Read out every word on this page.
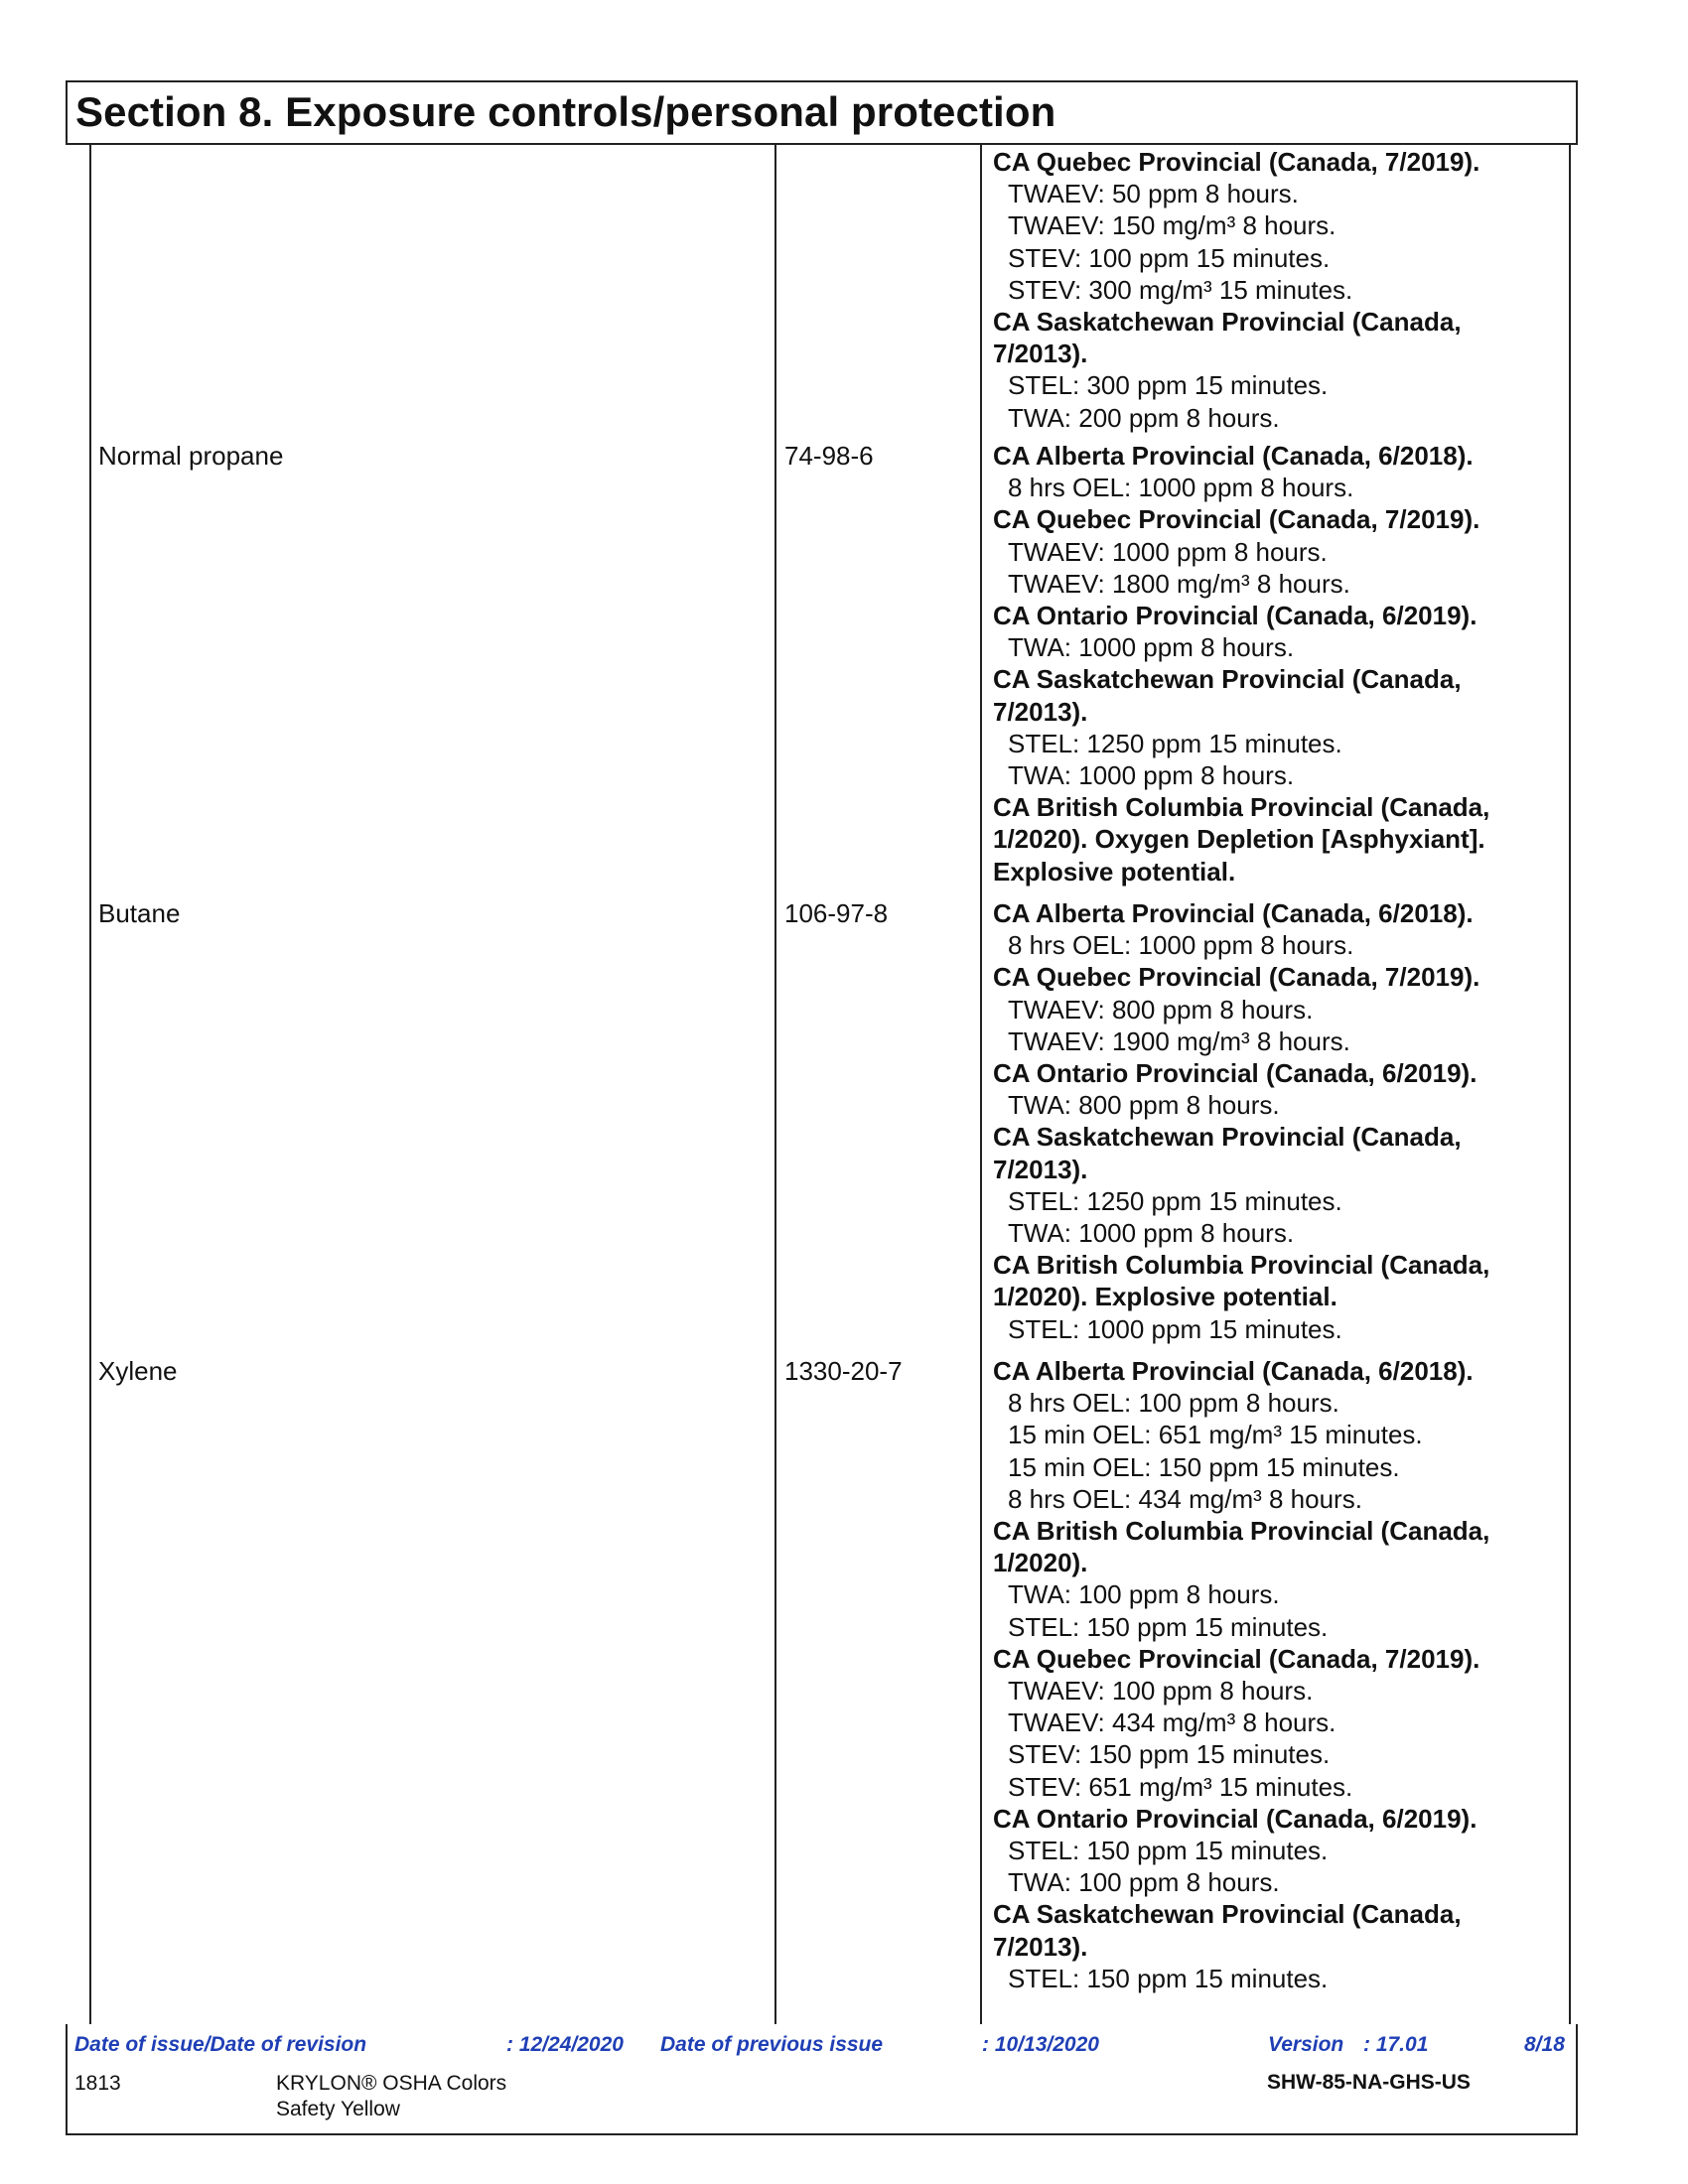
Section 8. Exposure controls/personal protection
CA Quebec Provincial (Canada, 7/2019).
TWAEV: 50 ppm 8 hours.
TWAEV: 150 mg/m³ 8 hours.
STEV: 100 ppm 15 minutes.
STEV: 300 mg/m³ 15 minutes.
CA Saskatchewan Provincial (Canada, 7/2013).
STEL: 300 ppm 15 minutes.
TWA: 200 ppm 8 hours.
Normal propane	74-98-6	CA Alberta Provincial (Canada, 6/2018).
8 hrs OEL: 1000 ppm 8 hours.
CA Quebec Provincial (Canada, 7/2019).
TWAEV: 1000 ppm 8 hours.
TWAEV: 1800 mg/m³ 8 hours.
CA Ontario Provincial (Canada, 6/2019).
TWA: 1000 ppm 8 hours.
CA Saskatchewan Provincial (Canada, 7/2013).
STEL: 1250 ppm 15 minutes.
TWA: 1000 ppm 8 hours.
CA British Columbia Provincial (Canada, 1/2020). Oxygen Depletion [Asphyxiant]. Explosive potential.
Butane	106-97-8	CA Alberta Provincial (Canada, 6/2018).
8 hrs OEL: 1000 ppm 8 hours.
CA Quebec Provincial (Canada, 7/2019).
TWAEV: 800 ppm 8 hours.
TWAEV: 1900 mg/m³ 8 hours.
CA Ontario Provincial (Canada, 6/2019).
TWA: 800 ppm 8 hours.
CA Saskatchewan Provincial (Canada, 7/2013).
STEL: 1250 ppm 15 minutes.
TWA: 1000 ppm 8 hours.
CA British Columbia Provincial (Canada, 1/2020). Explosive potential.
STEL: 1000 ppm 15 minutes.
Xylene	1330-20-7	CA Alberta Provincial (Canada, 6/2018).
8 hrs OEL: 100 ppm 8 hours.
15 min OEL: 651 mg/m³ 15 minutes.
15 min OEL: 150 ppm 15 minutes.
8 hrs OEL: 434 mg/m³ 8 hours.
CA British Columbia Provincial (Canada, 1/2020).
TWA: 100 ppm 8 hours.
STEL: 150 ppm 15 minutes.
CA Quebec Provincial (Canada, 7/2019).
TWAEV: 100 ppm 8 hours.
TWAEV: 434 mg/m³ 8 hours.
STEV: 150 ppm 15 minutes.
STEV: 651 mg/m³ 15 minutes.
CA Ontario Provincial (Canada, 6/2019).
STEL: 150 ppm 15 minutes.
TWA: 100 ppm 8 hours.
CA Saskatchewan Provincial (Canada, 7/2013).
STEL: 150 ppm 15 minutes.
Date of issue/Date of revision	: 12/24/2020 Date of previous issue	: 10/13/2020	Version : 17.01	8/18
1813	KRYLON® OSHA Colors
Safety Yellow
SHW-85-NA-GHS-US
